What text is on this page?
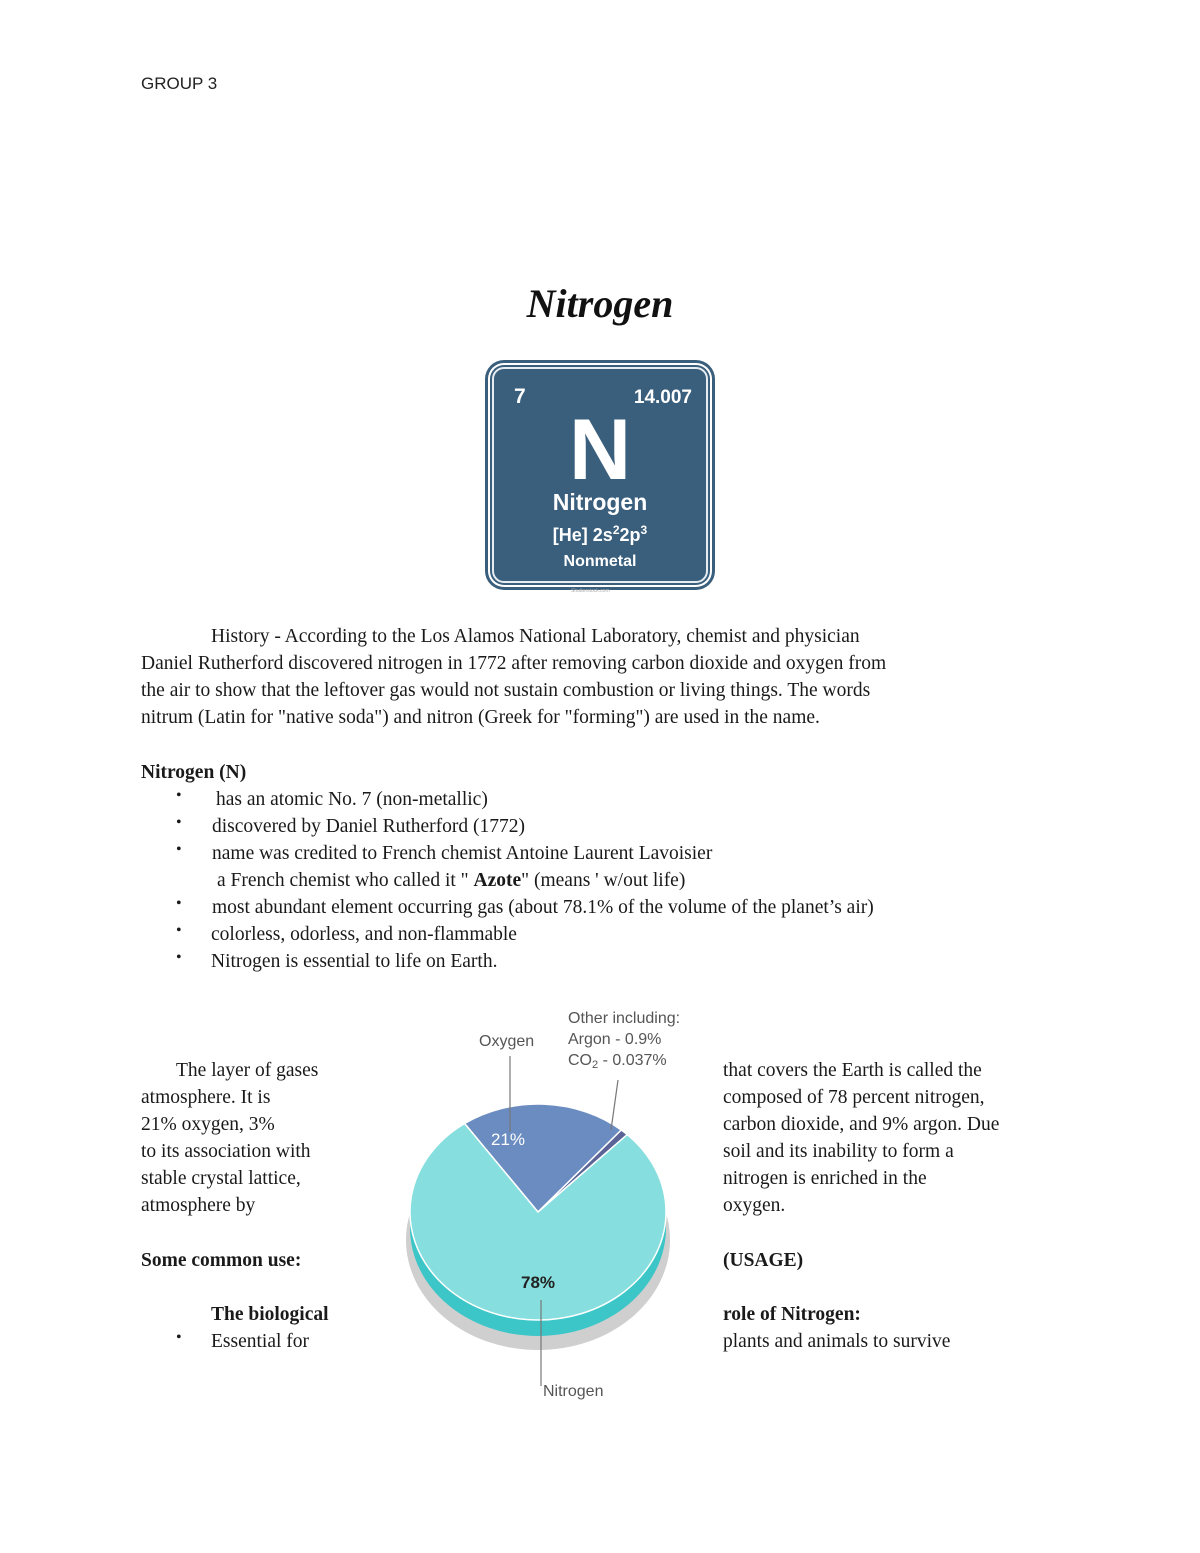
GROUP 3
Nitrogen
7	14.007
N
Nitrogen
[He] $2s^22p^3$
Nonmetal
Shutterstock.com
History - According to the Los Alamos National Laboratory, chemist and physician
Daniel Rutherford discovered nitrogen in 1772 after removing carbon dioxide and oxygen from
the air to show that the leftover gas would not sustain combustion or living things. The words
nitrum (Latin for "native soda") and nitron (Greek for "forming") are used in the name.
Nitrogen (N)
• has an atomic No. 7 (non-metallic)
• discovered by Daniel Rutherford (1772)
• name was credited to French chemist Antoine Laurent Lavoisier
a French chemist who called it " Azote" (means ' w/out life)
• most abundant element occurring gas (about 78.1% of the volume of the planet’s air)
• colorless, odorless, and non-flammable
• Nitrogen is essential to life on Earth.
The layer of gases
atmosphere. It is
21% oxygen, 3%
to its association with
stable crystal lattice,
atmosphere by
Some common use:
The biological
• Essential for
that covers the Earth is called the
composed of 78 percent nitrogen,
carbon dioxide, and 9% argon. Due
soil and its inability to form a
nitrogen is enriched in the
oxygen.
(USAGE)
role of Nitrogen:
plants and animals to survive
Oxygen
21%
78%
Nitrogen
Other including:
Argon - 0.9%
CO2 - 0.037%
